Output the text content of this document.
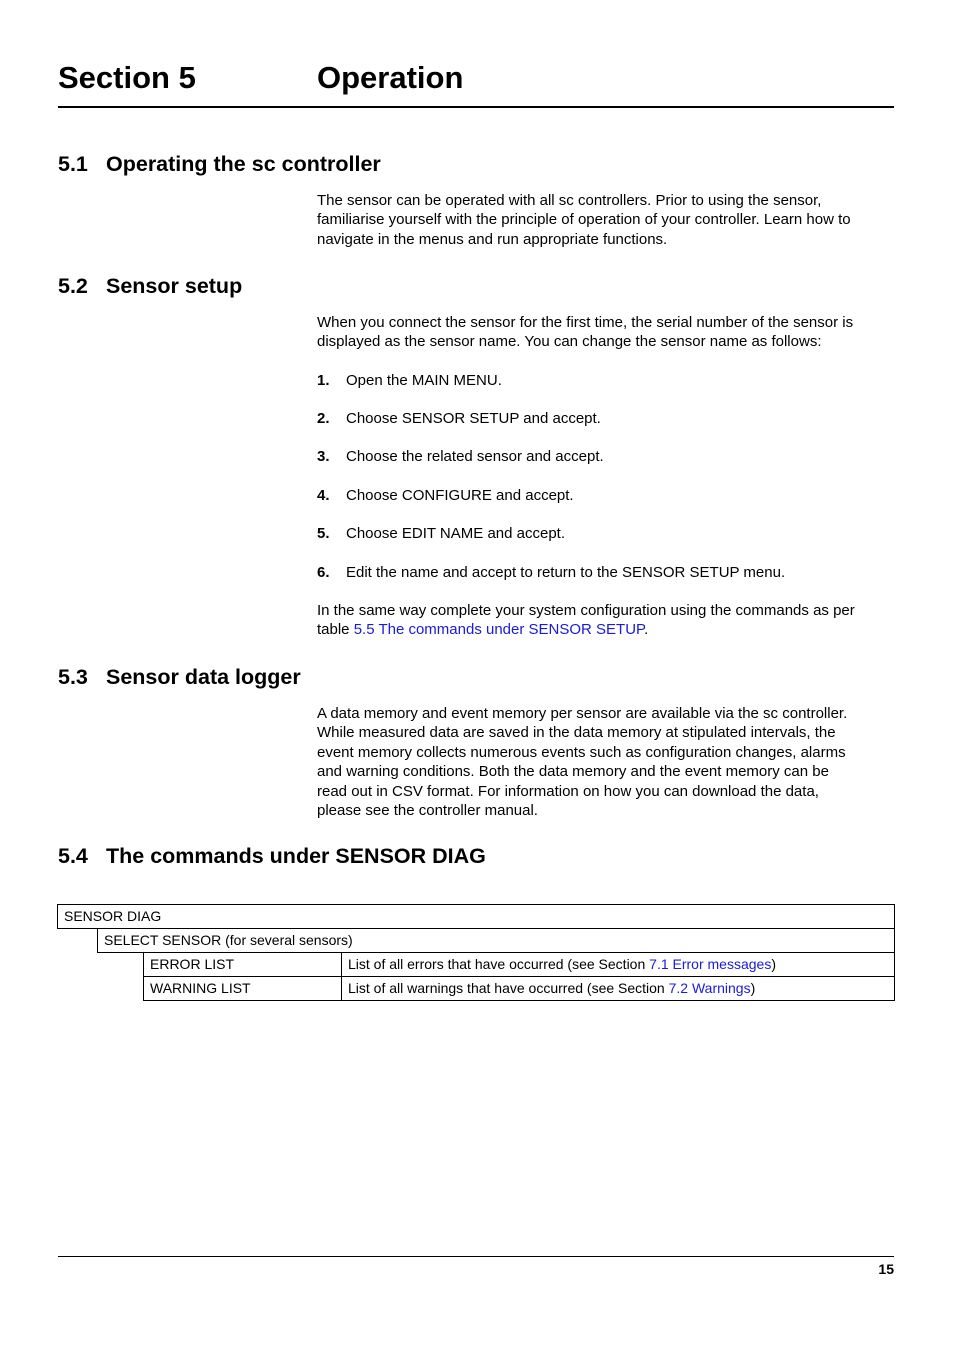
Section 5	Operation
5.1 Operating the sc controller
The sensor can be operated with all sc controllers. Prior to using the sensor,
familiarise yourself with the principle of operation of your controller. Learn how to
navigate in the menus and run appropriate functions.
5.2 Sensor setup
When you connect the sensor for the first time, the serial number of the sensor is
displayed as the sensor name. You can change the sensor name as follows:
1. Open the MAIN MENU.
2. Choose SENSOR SETUP and accept.
3. Choose the related sensor and accept.
4. Choose CONFIGURE and accept.
5. Choose EDIT NAME and accept.
6. Edit the name and accept to return to the SENSOR SETUP menu.
In the same way complete your system configuration using the commands as per
table 5.5 The commands under SENSOR SETUP.
5.3 Sensor data logger
A data memory and event memory per sensor are available via the sc controller.
While measured data are saved in the data memory at stipulated intervals, the
event memory collects numerous events such as configuration changes, alarms
and warning conditions. Both the data memory and the event memory can be
read out in CSV format. For information on how you can download the data,
please see the controller manual.
5.4 The commands under SENSOR DIAG
SENSOR DIAG
SELECT SENSOR (for several sensors)
ERROR LIST	List of all errors that have occurred (see Section 7.1 Error messages)
WARNING LIST	List of all warnings that have occurred (see Section 7.2 Warnings)
15
